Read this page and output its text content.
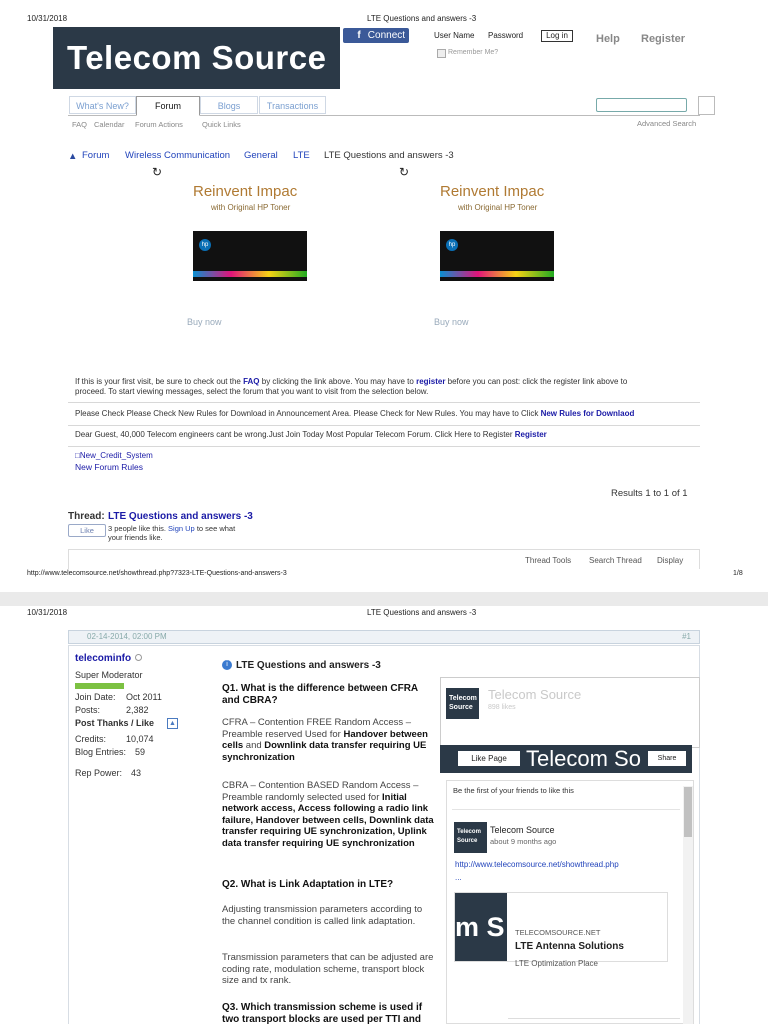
10/31/2018	LTE Questions and answers -3
Telecom Source
f Connect	User Name Password	Log in
Remember Me?
Help Register
What's New?	Forum	Blogs	Transactions
FAQ Calendar Forum Actions	Quick Links	Advanced Search
▲ Forum Wireless Communication General LTE LTE Questions and answers -3
↻	↻
Reinvent Impac
with Original HP Toner
hp
Buy now
Reinvent Impac
with Original HP Toner
hp
Buy now
If this is your first visit, be sure to check out the FAQ by clicking the link above. You may have to register before you can post: click the register link above to
proceed. To start viewing messages, select the forum that you want to visit from the selection below.
Please Check Please Check New Rules for Download in Announcement Area. Please Check for New Rules. You may have to Click New Rules for Downlaod
Dear Guest, 40,000 Telecom engineers cant be wrong.Just Join Today Most Popular Telecom Forum. Click Here to Register Register
□New_Credit_System
New Forum Rules
Results 1 to 1 of 1
Thread: LTE Questions and answers -3
Like	3 people like this. Sign Up to see what
your friends like.
Thread Tools Search Thread Display
http://www.telecomsource.net/showthread.php?7323-LTE-Questions-and-answers-3	1/8
10/31/2018	LTE Questions and answers -3
02-14-2014, 02:00 PM	#1
telecominfo
Super Moderator
Join Date: Oct 2011
Posts:	2,382
Post Thanks / Like ▲
Credits: 10,074
Blog Entries: 59
Rep Power: 43
i LTE Questions and answers -3
Q1. What is the difference between CFRA and CBRA?
CFRA – Contention FREE Random Access – Preamble reserved Used for Handover between cells and Downlink data transfer requiring UE synchronization
CBRA – Contention BASED Random Access – Preamble randomly selected used for Initial network access, Access following a radio link failure, Handover between cells, Downlink data transfer requiring UE synchronization, Uplink data transfer requiring UE synchronization
Q2. What is Link Adaptation in LTE?
Adjusting transmission parameters according to the channel condition is called link adaptation.
Transmission parameters that can be adjusted are coding rate, modulation scheme, transport block size and tx rank.
Q3. Which transmission scheme is used if two transport blocks are used per TTI and
Telecom Source
Telecom Source
898 likes
Like Page Telecom So	Share
Be the first of your friends to like this
Telecom Source
Telecom Source
about 9 months ago
http://www.telecomsource.net/showthread.php
...
m S	TELECOMSOURCE.NET
LTE Antenna Solutions
LTE Optimization Place
